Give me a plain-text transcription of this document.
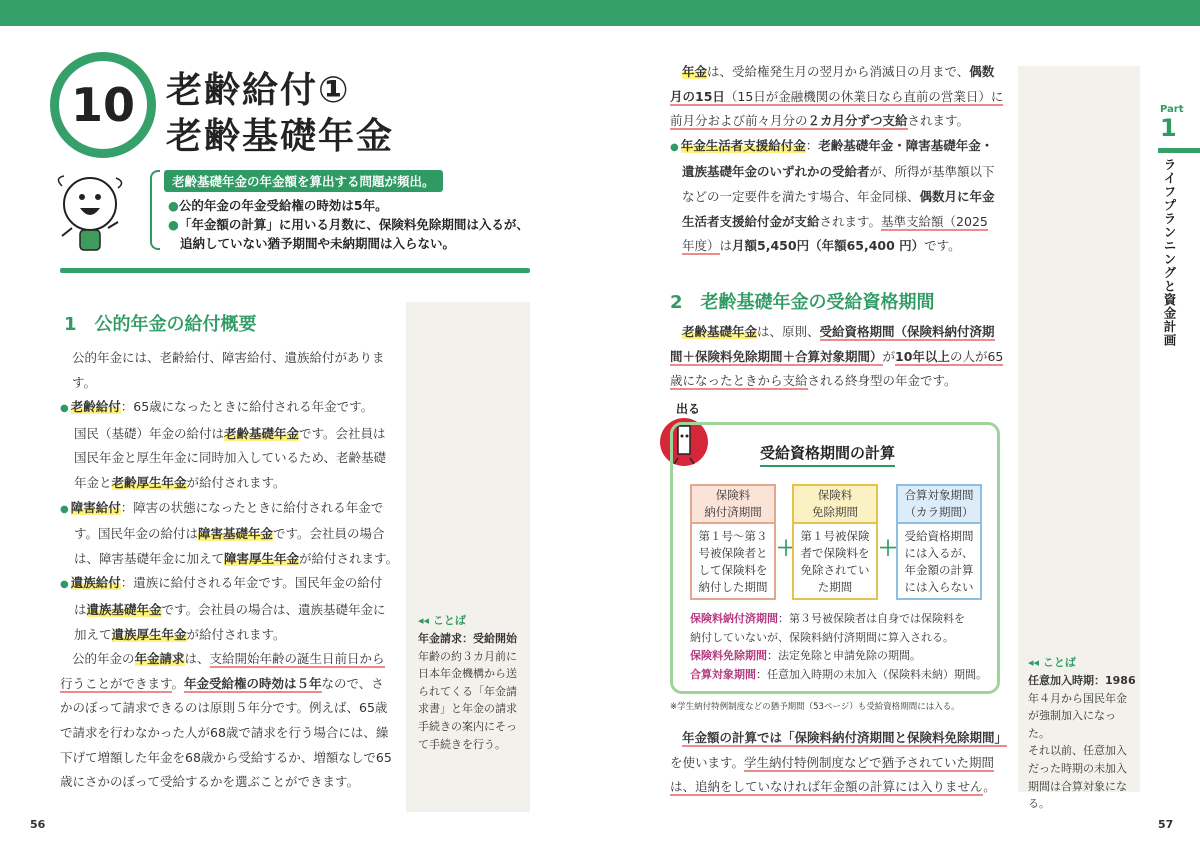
10 老齢給付①
老齢基礎年金
老齢基礎年金の年金額を算出する問題が頻出。
●公的年金の年金受給権の時効は5年。
●「年金額の計算」に用いる月数に、保険料免除期間は入るが、
追納していない猶予期間や未納期間は入らない。
1　公的年金の給付概要
公的年金には、老齢給付、障害給付、遺族給付があります。
● 老齢給付：65歳になったときに給付される年金です。
国民（基礎）年金の給付は老齢基礎年金です。会社員は
国民年金と厚生年金に同時加入しているため、老齢基礎
年金と老齢厚生年金が給付されます。
● 障害給付：障害の状態になったときに給付される年金で
す。国民年金の給付は障害基礎年金です。会社員の場合
は、障害基礎年金に加えて障害厚生年金が給付されます。
● 遺族給付：遺族に給付される年金です。国民年金の給付
は遺族基礎年金です。会社員の場合は、遺族基礎年金に
加えて遺族厚生年金が給付されます。
公的年金の年金請求は、支給開始年齢の誕生日前日から
行うことができます。年金受給権の時効は５年なので、さ
かのぼって請求できるのは原則５年分です。例えば、65歳
で請求を行わなかった人が68歳で請求を行う場合には、繰
下げて増額した年金を68歳から受給するか、増額なしで65
歳にさかのぼって受給するかを選ぶことができます。
◂◂ ことば
年金請求：受給開始
年齢の約３カ月前に
日本年金機構から送
られてくる「年金請
求書」と年金の請求
手続きの案内にそっ
て手続きを行う。
56
年金は、受給権発生月の翌月から消滅日の月まで、偶数
月の15日（15日が金融機関の休業日なら直前の営業日）に
前月分および前々月分の２カ月分ずつ支給されます。
● 年金生活者支援給付金：老齢基礎年金・障害基礎年金・
遺族基礎年金のいずれかの受給者が、所得が基準額以下
などの一定要件を満たす場合、年金同様、偶数月に年金
生活者支援給付金が支給されます。基準支給額（2025
年度）は月額5,450円（年額65,400 円）です。
2　老齢基礎年金の受給資格期間
老齢基礎年金は、原則、受給資格期間（保険料納付済期
間＋保険料免除期間＋合算対象期間）が10年以上の人が65
歳になったときから支給される終身型の年金です。
出る
受給資格期間の計算
保険料
納付済期間
第１号〜第３
号被保険者と
して保険料を
納付した期間
＋
保険料
免除期間
第１号被保険
者で保険料を
免除されてい
た期間
＋
合算対象期間
（カラ期間）
受給資格期間
には入るが、
年金額の計算
には入らない
保険料納付済期間：第３号被保険者は自身では保険料を
納付していないが、保険料納付済期間に算入される。
保険料免除期間：法定免除と申請免除の期間。
合算対象期間：任意加入時期の未加入（保険料未納）期間。
※学生納付特例制度などの猶予期間（53ページ）も受給資格期間には入る。
年金額の計算では「保険料納付済期間と保険料免除期間」
を使います。学生納付特例制度などで猶予されていた期間
は、追納をしていなければ年金額の計算には入りません。
◂◂ ことば
任意加入時期：1986
年４月から国民年金
が強制加入になった。
それ以前、任意加入
だった時期の未加入
期間は合算対象にな
る。
Part
1
ライフプランニングと資金計画
57
